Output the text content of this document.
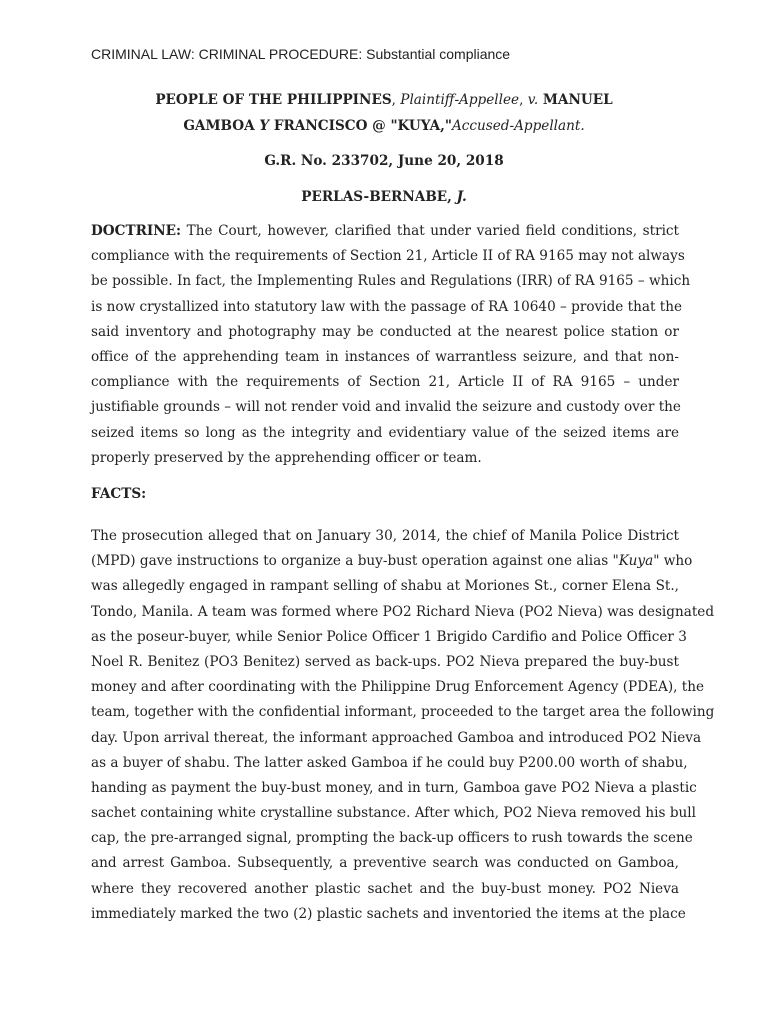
CRIMINAL LAW: CRIMINAL PROCEDURE: Substantial compliance
PEOPLE OF THE PHILIPPINES, Plaintiff-Appellee, v. MANUEL
GAMBOA Y FRANCISCO @ "KUYA,"Accused-Appellant.
G.R. No. 233702, June 20, 2018
PERLAS-BERNABE, J.
DOCTRINE: The Court, however, clarified that under varied field conditions, strict
compliance with the requirements of Section 21, Article II of RA 9165 may not always
be possible. In fact, the Implementing Rules and Regulations (IRR) of RA 9165 – which
is now crystallized into statutory law with the passage of RA 10640 – provide that the
said inventory and photography may be conducted at the nearest police station or
office of the apprehending team in instances of warrantless seizure, and that non-
compliance with the requirements of Section 21, Article II of RA 9165 – under
justifiable grounds – will not render void and invalid the seizure and custody over the
seized items so long as the integrity and evidentiary value of the seized items are
properly preserved by the apprehending officer or team.
FACTS:
The prosecution alleged that on January 30, 2014, the chief of Manila Police District
(MPD) gave instructions to organize a buy-bust operation against one alias "Kuya" who
was allegedly engaged in rampant selling of shabu at Moriones St., corner Elena St.,
Tondo, Manila. A team was formed where PO2 Richard Nieva (PO2 Nieva) was designated
as the poseur-buyer, while Senior Police Officer 1 Brigido Cardifio and Police Officer 3
Noel R. Benitez (PO3 Benitez) served as back-ups. PO2 Nieva prepared the buy-bust
money and after coordinating with the Philippine Drug Enforcement Agency (PDEA), the
team, together with the confidential informant, proceeded to the target area the following
day. Upon arrival thereat, the informant approached Gamboa and introduced PO2 Nieva
as a buyer of shabu. The latter asked Gamboa if he could buy P200.00 worth of shabu,
handing as payment the buy-bust money, and in turn, Gamboa gave PO2 Nieva a plastic
sachet containing white crystalline substance. After which, PO2 Nieva removed his bull
cap, the pre-arranged signal, prompting the back-up officers to rush towards the scene
and arrest Gamboa. Subsequently, a preventive search was conducted on Gamboa,
where they recovered another plastic sachet and the buy-bust money. PO2 Nieva
immediately marked the two (2) plastic sachets and inventoried the items at the place
